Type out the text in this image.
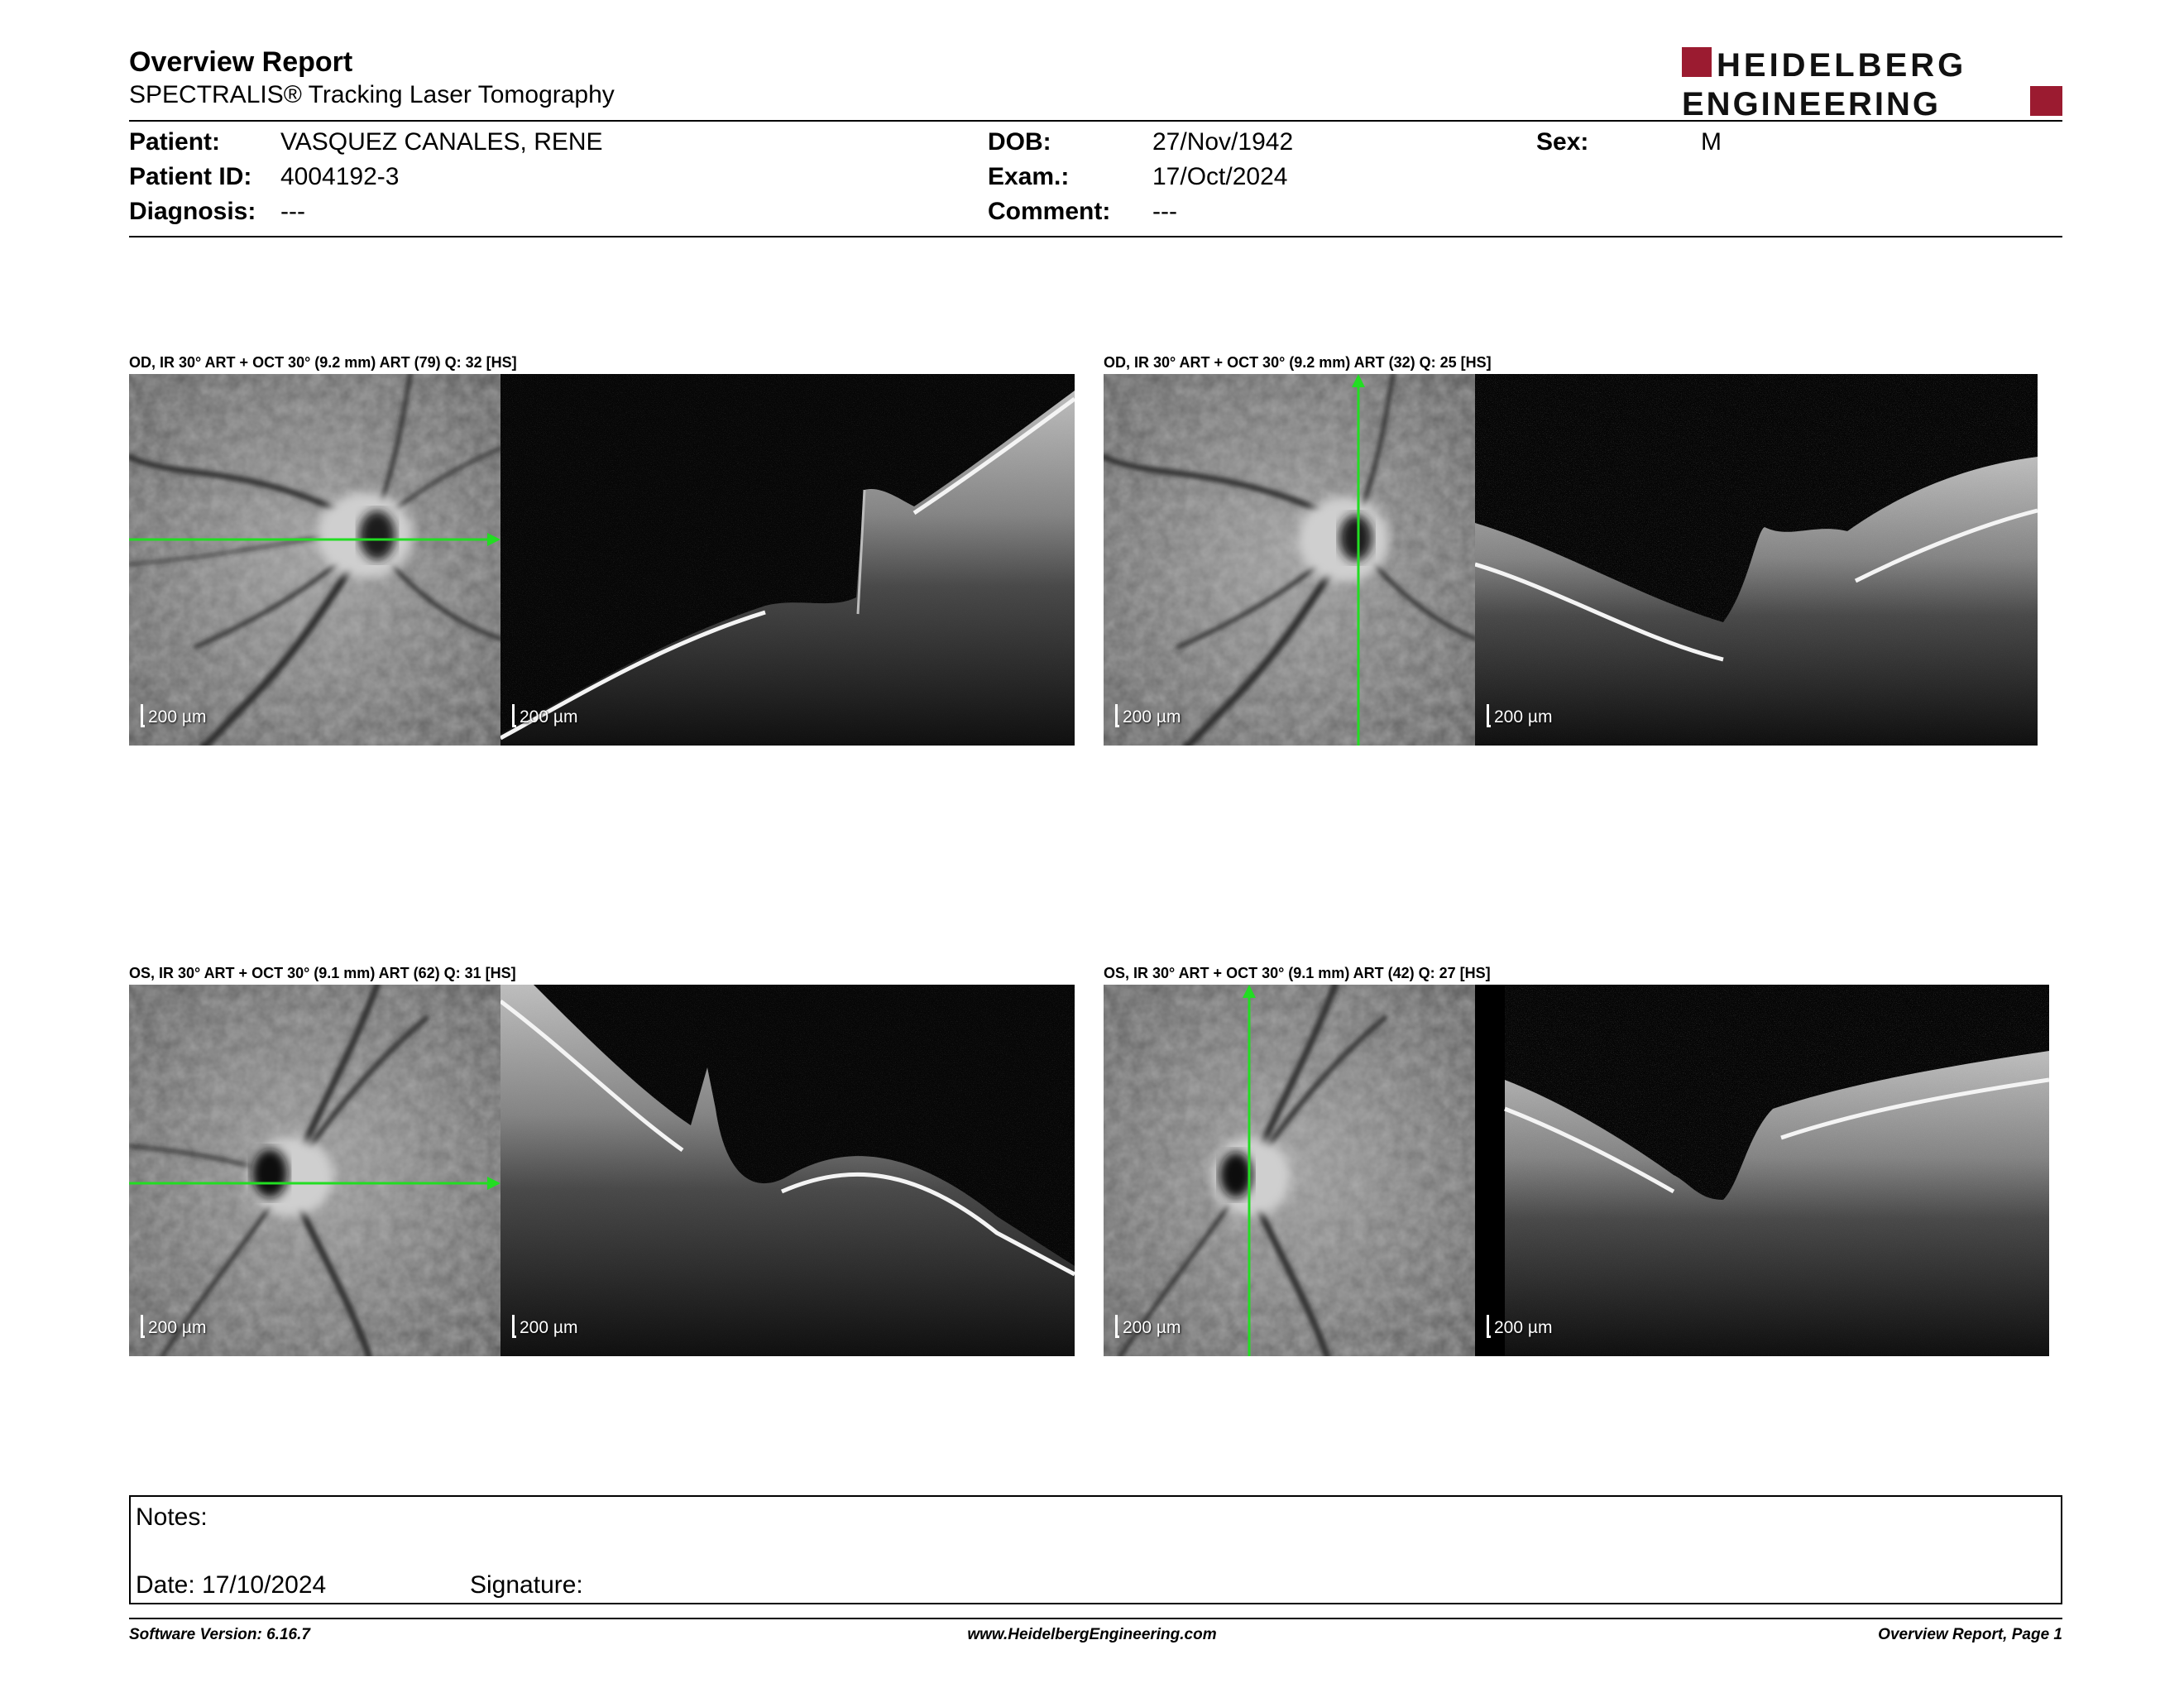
Overview Report
SPECTRALIS® Tracking Laser Tomography
HEIDELBERG
ENGINEERING
Patient: VASQUEZ CANALES, RENE
Patient ID: 4004192-3
Diagnosis: ---
DOB:	27/Nov/1942
Exam.:	17/Oct/2024
Comment: ---
Sex:	M
OD, IR 30° ART + OCT 30° (9.2 mm) ART (79) Q: 32 [HS]
200 µm	200 µm
OD, IR 30° ART + OCT 30° (9.2 mm) ART (32) Q: 25 [HS]
200 µm	200 µm
OS, IR 30° ART + OCT 30° (9.1 mm) ART (62) Q: 31 [HS]
200 µm	200 µm
OS, IR 30° ART + OCT 30° (9.1 mm) ART (42) Q: 27 [HS]
200 µm	200 µm
Notes:
Date: 17/10/2024	Signature:
Software Version: 6.16.7	www.HeidelbergEngineering.com	Overview Report, Page 1
